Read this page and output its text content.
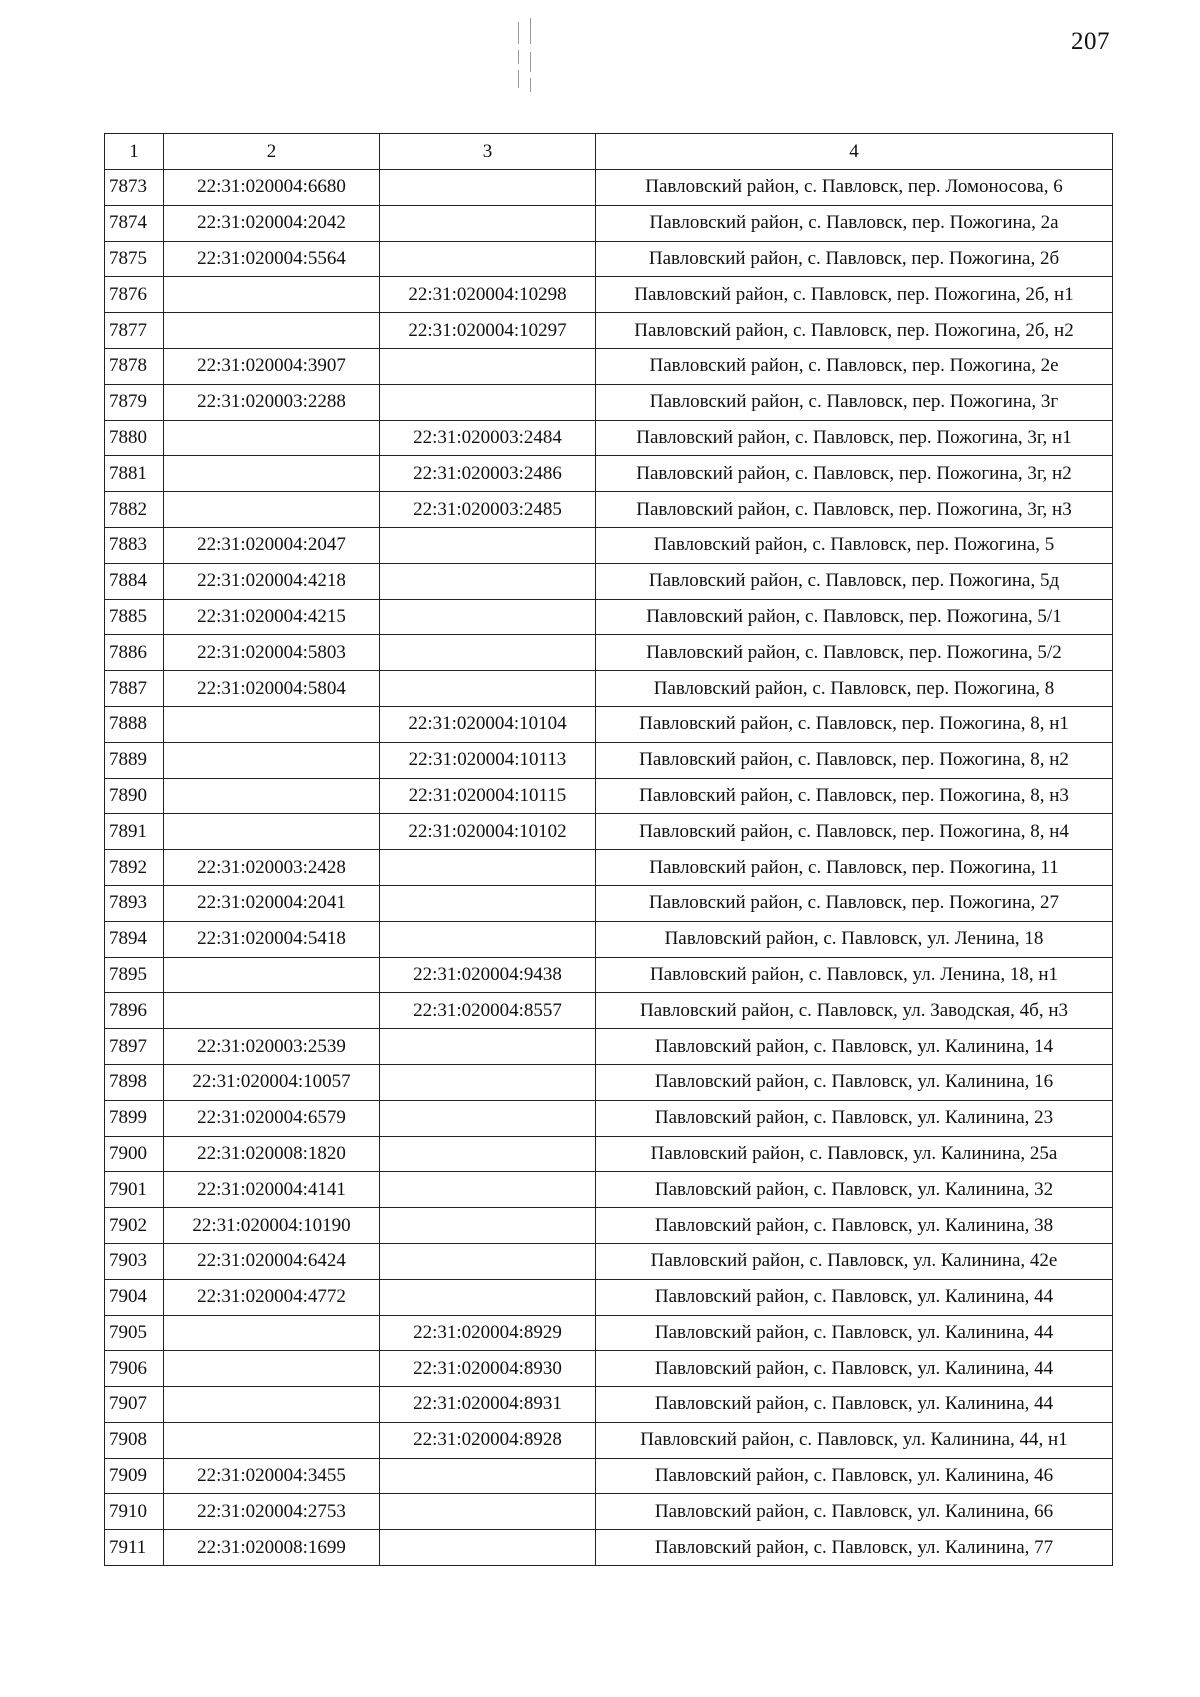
207
1	2	3	4
7873	22:31:020004:6680		Павловский район, с. Павловск, пер. Ломоносова, 6
7874	22:31:020004:2042		Павловский район, с. Павловск, пер. Пожогина, 2а
7875	22:31:020004:5564		Павловский район, с. Павловск, пер. Пожогина, 2б
7876		22:31:020004:10298	Павловский район, с. Павловск, пер. Пожогина, 2б, н1
7877		22:31:020004:10297	Павловский район, с. Павловск, пер. Пожогина, 2б, н2
7878	22:31:020004:3907		Павловский район, с. Павловск, пер. Пожогина, 2е
7879	22:31:020003:2288		Павловский район, с. Павловск, пер. Пожогина, 3г
7880		22:31:020003:2484	Павловский район, с. Павловск, пер. Пожогина, 3г, н1
7881		22:31:020003:2486	Павловский район, с. Павловск, пер. Пожогина, 3г, н2
7882		22:31:020003:2485	Павловский район, с. Павловск, пер. Пожогина, 3г, н3
7883	22:31:020004:2047		Павловский район, с. Павловск, пер. Пожогина, 5
7884	22:31:020004:4218		Павловский район, с. Павловск, пер. Пожогина, 5д
7885	22:31:020004:4215		Павловский район, с. Павловск, пер. Пожогина, 5/1
7886	22:31:020004:5803		Павловский район, с. Павловск, пер. Пожогина, 5/2
7887	22:31:020004:5804		Павловский район, с. Павловск, пер. Пожогина, 8
7888		22:31:020004:10104	Павловский район, с. Павловск, пер. Пожогина, 8, н1
7889		22:31:020004:10113	Павловский район, с. Павловск, пер. Пожогина, 8, н2
7890		22:31:020004:10115	Павловский район, с. Павловск, пер. Пожогина, 8, н3
7891		22:31:020004:10102	Павловский район, с. Павловск, пер. Пожогина, 8, н4
7892	22:31:020003:2428		Павловский район, с. Павловск, пер. Пожогина, 11
7893	22:31:020004:2041		Павловский район, с. Павловск, пер. Пожогина, 27
7894	22:31:020004:5418		Павловский район, с. Павловск, ул. Ленина, 18
7895		22:31:020004:9438	Павловский район, с. Павловск, ул. Ленина, 18, н1
7896		22:31:020004:8557	Павловский район, с. Павловск, ул. Заводская, 4б, н3
7897	22:31:020003:2539		Павловский район, с. Павловск, ул. Калинина, 14
7898	22:31:020004:10057		Павловский район, с. Павловск, ул. Калинина, 16
7899	22:31:020004:6579		Павловский район, с. Павловск, ул. Калинина, 23
7900	22:31:020008:1820		Павловский район, с. Павловск, ул. Калинина, 25а
7901	22:31:020004:4141		Павловский район, с. Павловск, ул. Калинина, 32
7902	22:31:020004:10190		Павловский район, с. Павловск, ул. Калинина, 38
7903	22:31:020004:6424		Павловский район, с. Павловск, ул. Калинина, 42е
7904	22:31:020004:4772		Павловский район, с. Павловск, ул. Калинина, 44
7905		22:31:020004:8929	Павловский район, с. Павловск, ул. Калинина, 44
7906		22:31:020004:8930	Павловский район, с. Павловск, ул. Калинина, 44
7907		22:31:020004:8931	Павловский район, с. Павловск, ул. Калинина, 44
7908		22:31:020004:8928	Павловский район, с. Павловск, ул. Калинина, 44, н1
7909	22:31:020004:3455		Павловский район, с. Павловск, ул. Калинина, 46
7910	22:31:020004:2753		Павловский район, с. Павловск, ул. Калинина, 66
7911	22:31:020008:1699		Павловский район, с. Павловск, ул. Калинина, 77
